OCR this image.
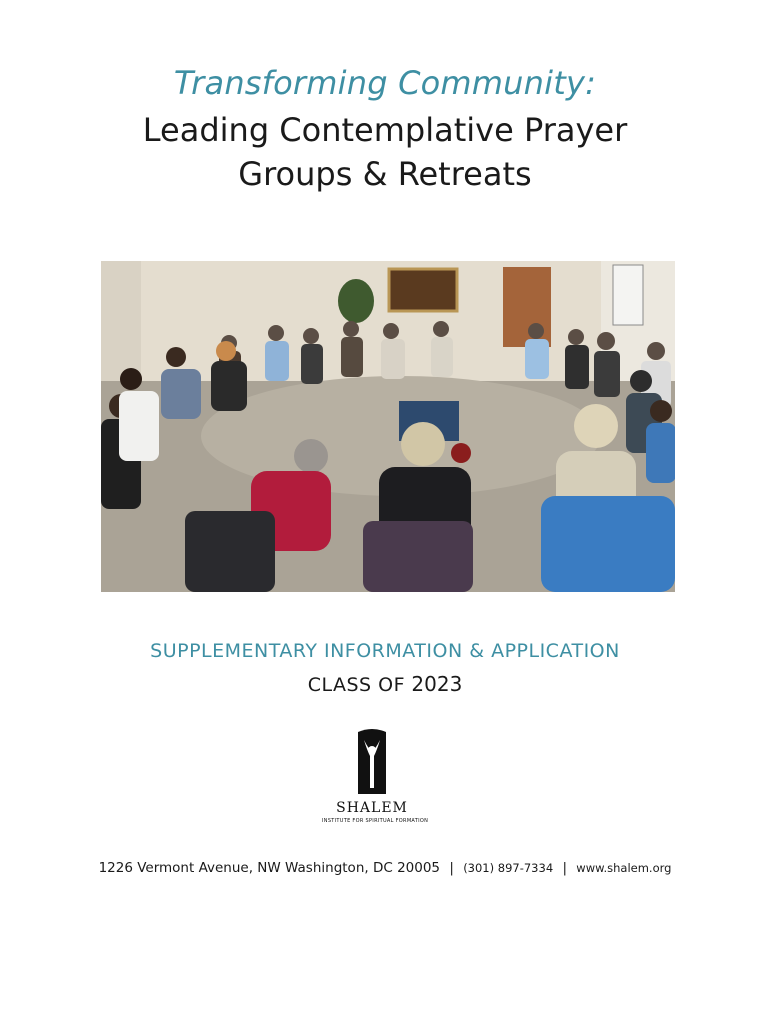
Transforming Community:
Leading Contemplative Prayer
Groups & Retreats
SUPPLEMENTARY INFORMATION & APPLICATION
CLASS OF 2023
SHALEM
INSTITUTE FOR SPIRITUAL FORMATION
1226 Vermont Avenue, NW Washington, DC 20005 | (301) 897-7334 | www.shalem.org
